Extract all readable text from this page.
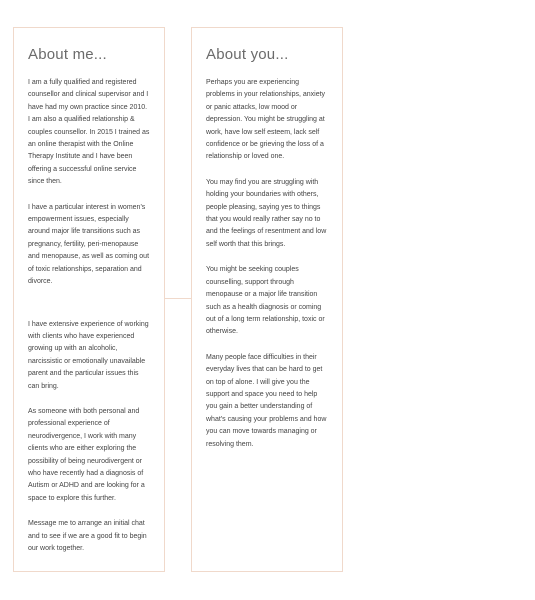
About me...

I am a fully qualified and registered counsellor and clinical supervisor and I have had my own practice since 2010. I am also a qualified relationship & couples counsellor. In 2015 I trained as an online therapist with the Online Therapy Institute and I have been offering a successful online service since then.

I have a particular interest in women's empowerment issues, especially around major life transitions such as pregnancy, fertility, peri-menopause and menopause, as well as coming out of toxic relationships, separation and divorce.

I have extensive experience of working with clients who have experienced growing up with an alcoholic, narcissistic or emotionally unavailable parent and the particular issues this can bring.

As someone with both personal and professional experience of neurodivergence, I work with many clients who are either exploring the possibility of being neurodivergent or who have recently had a diagnosis of Autism or ADHD and are looking for a space to explore this further.

Message me to arrange an initial chat and to see if we are a good fit to begin our work together.

About you...

Perhaps you are experiencing problems in your relationships, anxiety or panic attacks, low mood or depression. You might be struggling at work, have low self esteem, lack self confidence or be grieving the loss of a relationship or loved one.

You may find you are struggling with holding your boundaries with others, people pleasing, saying yes to things that you would really rather say no to and the feelings of resentment and low self worth that this brings.

You might be seeking couples counselling, support through menopause or a major life transition such as a health diagnosis or coming out of a long term relationship, toxic or otherwise.

Many people face difficulties in their everyday lives that can be hard to get on top of alone. I will give you the support and space you need to help you gain a better understanding of what's causing your problems and how you can move towards managing or resolving them.
